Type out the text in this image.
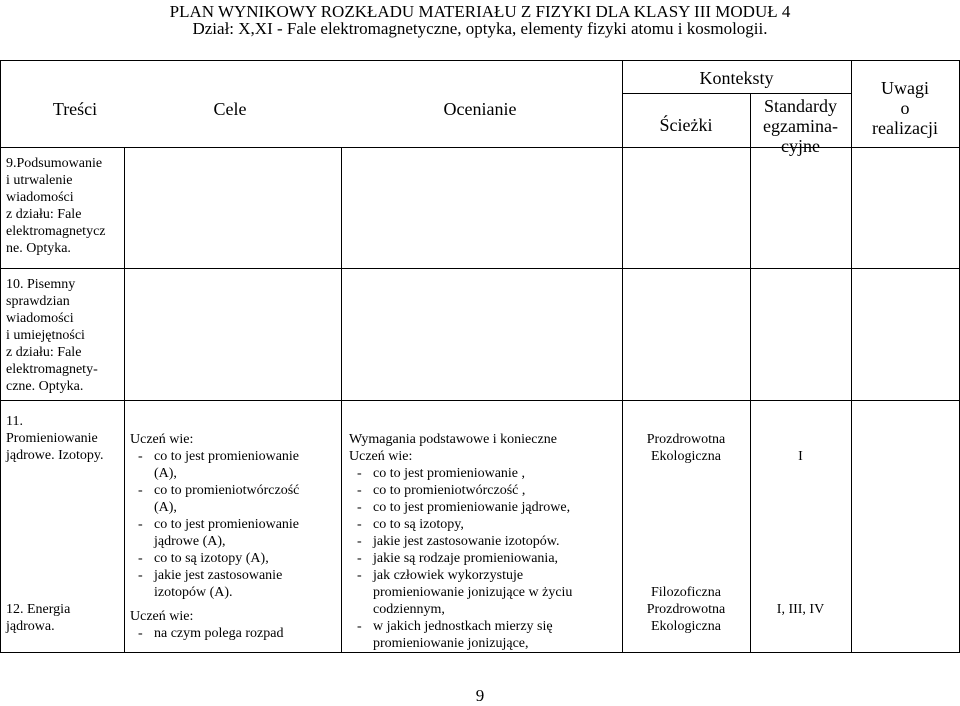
PLAN WYNIKOWY ROZKŁADU MATERIAŁU Z FIZYKI DLA KLASY III MODUŁ 4
Dział: X,XI - Fale elektromagnetyczne, optyka, elementy fizyki atomu i kosmologii.
Treści	Cele	Ocenianie
Konteksty
Ścieżki
Standardy
egzamina-
cyjne
Uwagi
o
realizacji
9.Podsumowanie
i utrwalenie
wiadomości
z działu: Fale
elektromagnetycz
ne. Optyka.
10. Pisemny
sprawdzian
wiadomości
i umiejętności
z działu: Fale
elektromagnety-
czne. Optyka.
11.
Promieniowanie
jądrowe. Izotopy.
12. Energia
jądrowa.
Uczeń wie:
- co to jest promieniowanie
(A),
- co to promieniotwórczość
(A),
- co to jest promieniowanie
jądrowe (A),
- co to są izotopy (A),
- jakie jest zastosowanie
izotopów (A).
Uczeń wie:
- na czym polega rozpad
Wymagania podstawowe i konieczne
Uczeń wie:
- co to jest promieniowanie ,
- co to promieniotwórczość ,
- co to jest promieniowanie jądrowe,
- co to są izotopy,
- jakie jest zastosowanie izotopów.
- jakie są rodzaje promieniowania,
- jak człowiek wykorzystuje
promieniowanie jonizujące w życiu
codziennym,
- w jakich jednostkach mierzy się
promieniowanie jonizujące,
Prozdrowotna
Ekologiczna
Filozoficzna
Prozdrowotna
Ekologiczna
I
I, III, IV
9
